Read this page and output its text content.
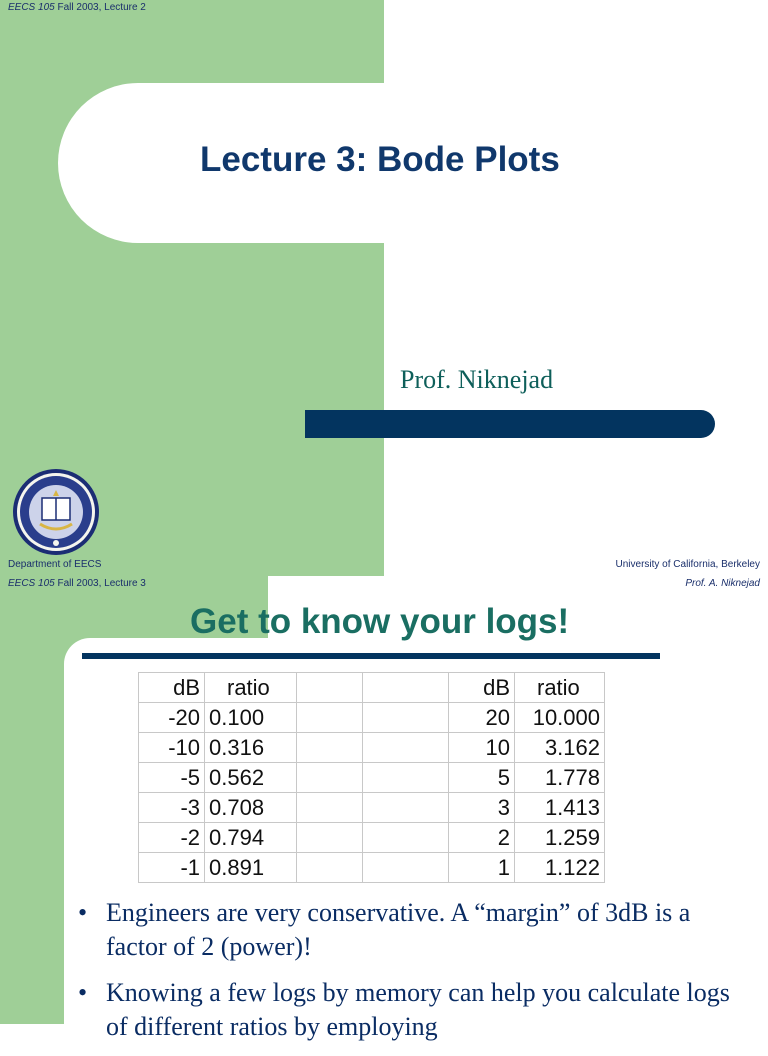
EECS 105 Fall 2003, Lecture 2
Lecture 3: Bode Plots
Prof. Niknejad
Department of EECS	University of California, Berkeley
EECS 105 Fall 2003, Lecture 3	Prof. A. Niknejad
Get to know your logs!
dB	ratio			dB	ratio
-20	0.100			20	10.000
-10	0.316			10	3.162
-5	0.562			5	1.778
-3	0.708			3	1.413
-2	0.794			2	1.259
-1	0.891			1	1.122
• Engineers are very conservative. A “margin” of 3dB is a factor of 2 (power)!
• Knowing a few logs by memory can help you calculate logs of different ratios by employing
